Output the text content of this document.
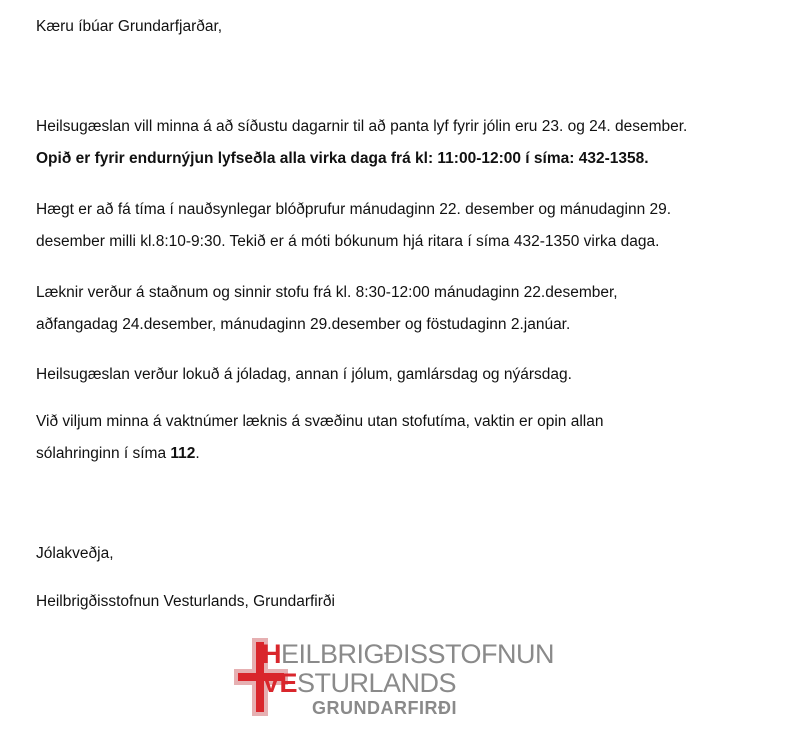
Kæru íbúar Grundarfjarðar,
Heilsugæslan vill minna á að síðustu dagarnir til að panta lyf fyrir jólin eru 23. og 24. desember.
Opið er fyrir endurnýjun lyfseðla alla virka daga frá kl: 11:00-12:00 í síma: 432-1358.
Hægt er að fá tíma í nauðsynlegar blóðprufur mánudaginn 22. desember og mánudaginn 29.
desember milli kl.8:10-9:30. Tekið er á móti bókunum hjá ritara í síma 432-1350 virka daga.
Læknir verður á staðnum og sinnir stofu frá kl. 8:30-12:00 mánudaginn 22.desember,
aðfangadag 24.desember, mánudaginn 29.desember og föstudaginn 2.janúar.
Heilsugæslan verður lokuð á jóladag, annan í jólum, gamlársdag og nýársdag.
Við viljum minna á vaktnúmer læknis á svæðinu utan stofutíma, vaktin er opin allan
sólahringinn í síma 112.
Jólakveðja,
Heilbrigðisstofnun Vesturlands, Grundarfirði
HEILBRIGÐISSTOFNUN
VESTURLANDS
GRUNDARFIRÐI
